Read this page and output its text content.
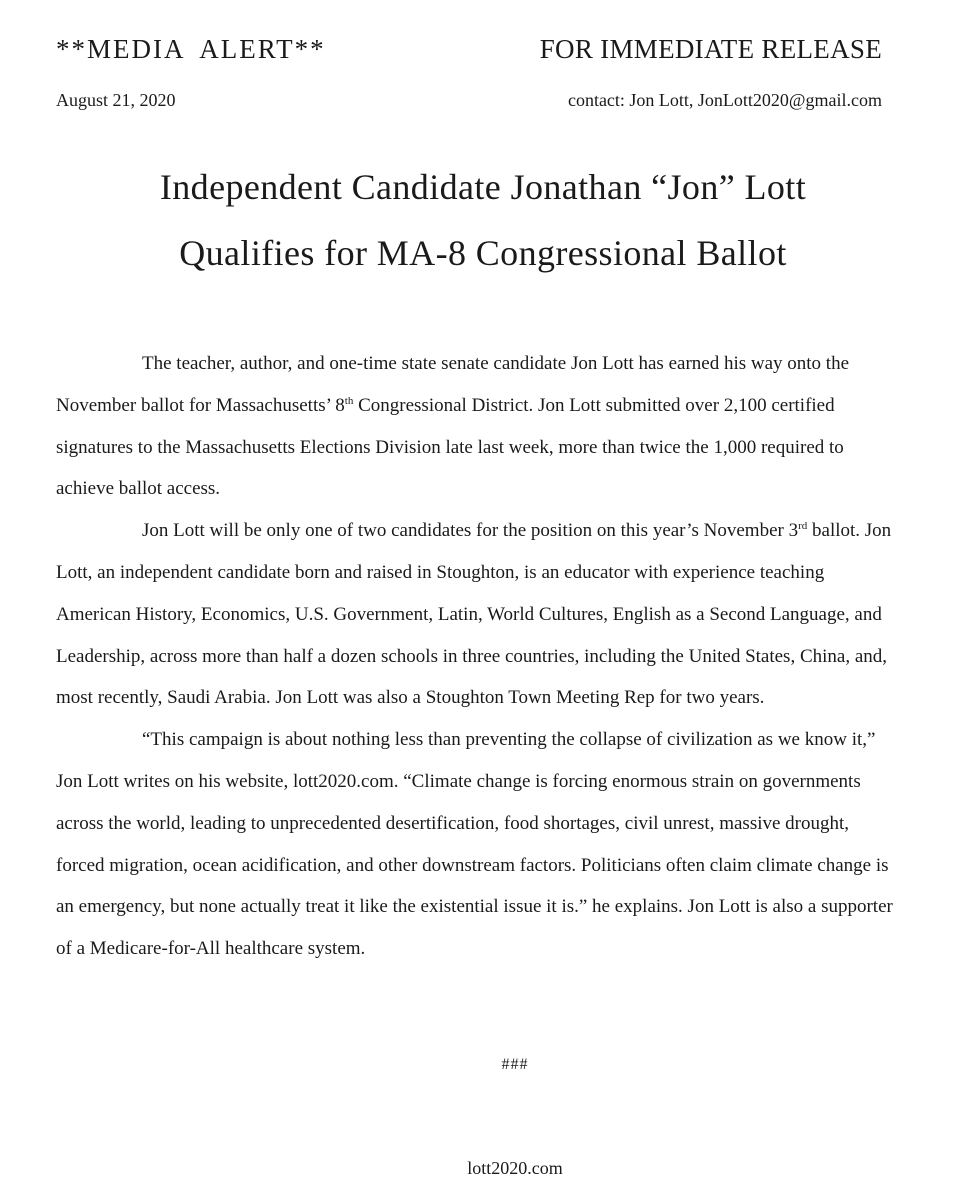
**MEDIA ALERT**	FOR IMMEDIATE RELEASE
August 21, 2020	contact: Jon Lott, JonLott2020@gmail.com
Independent Candidate Jonathan “Jon” Lott
Qualifies for MA-8 Congressional Ballot

The teacher, author, and one-time state senate candidate Jon Lott has earned his way onto the November ballot for Massachusetts’ 8th Congressional District. Jon Lott submitted over 2,100 certified signatures to the Massachusetts Elections Division late last week, more than twice the 1,000 required to achieve ballot access.

Jon Lott will be only one of two candidates for the position on this year’s November 3rd ballot. Jon Lott, an independent candidate born and raised in Stoughton, is an educator with experience teaching American History, Economics, U.S. Government, Latin, World Cultures, English as a Second Language, and Leadership, across more than half a dozen schools in three countries, including the United States, China, and, most recently, Saudi Arabia. Jon Lott was also a Stoughton Town Meeting Rep for two years.

“This campaign is about nothing less than preventing the collapse of civilization as we know it,” Jon Lott writes on his website, lott2020.com. “Climate change is forcing enormous strain on governments across the world, leading to unprecedented desertification, food shortages, civil unrest, massive drought, forced migration, ocean acidification, and other downstream factors. Politicians often claim climate change is an emergency, but none actually treat it like the existential issue it is.” he explains. Jon Lott is also a supporter of a Medicare-for-All healthcare system.

###
lott2020.com
